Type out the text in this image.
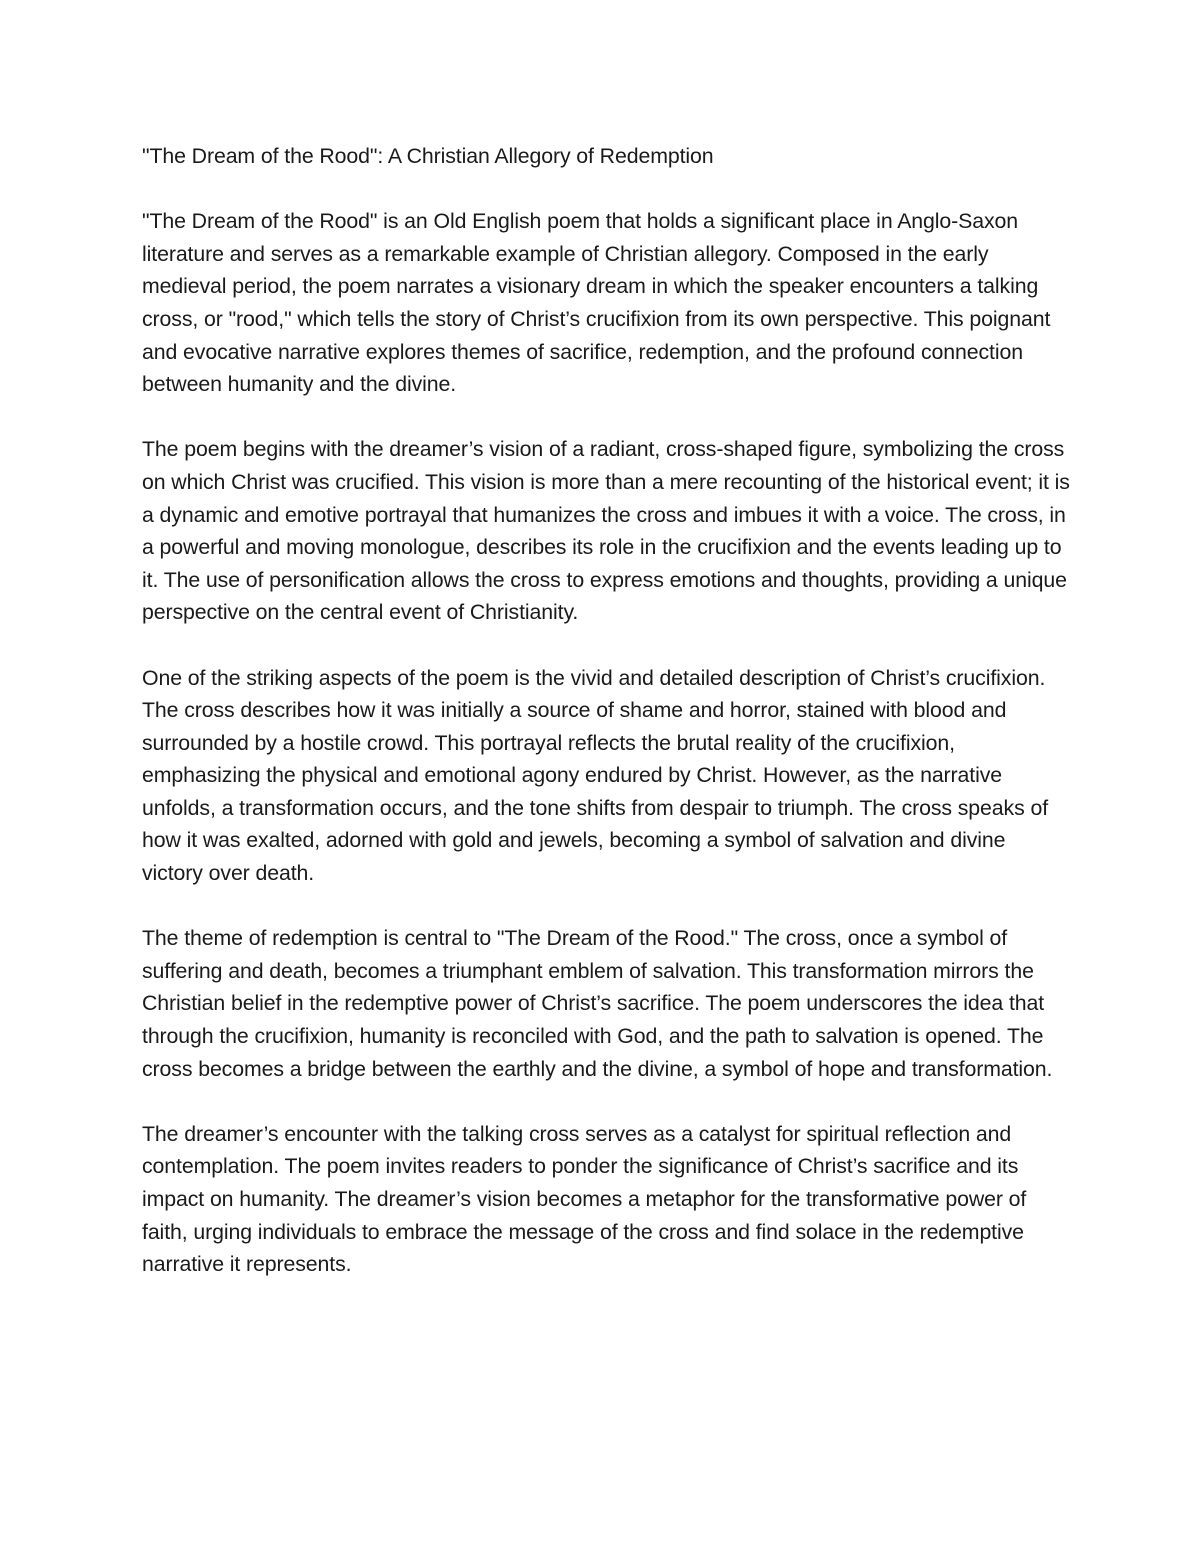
"The Dream of the Rood": A Christian Allegory of Redemption

"The Dream of the Rood" is an Old English poem that holds a significant place in Anglo-Saxon literature and serves as a remarkable example of Christian allegory. Composed in the early medieval period, the poem narrates a visionary dream in which the speaker encounters a talking cross, or "rood," which tells the story of Christ’s crucifixion from its own perspective. This poignant and evocative narrative explores themes of sacrifice, redemption, and the profound connection between humanity and the divine.

The poem begins with the dreamer’s vision of a radiant, cross-shaped figure, symbolizing the cross on which Christ was crucified. This vision is more than a mere recounting of the historical event; it is a dynamic and emotive portrayal that humanizes the cross and imbues it with a voice. The cross, in a powerful and moving monologue, describes its role in the crucifixion and the events leading up to it. The use of personification allows the cross to express emotions and thoughts, providing a unique perspective on the central event of Christianity.

One of the striking aspects of the poem is the vivid and detailed description of Christ’s crucifixion. The cross describes how it was initially a source of shame and horror, stained with blood and surrounded by a hostile crowd. This portrayal reflects the brutal reality of the crucifixion, emphasizing the physical and emotional agony endured by Christ. However, as the narrative unfolds, a transformation occurs, and the tone shifts from despair to triumph. The cross speaks of how it was exalted, adorned with gold and jewels, becoming a symbol of salvation and divine victory over death.

The theme of redemption is central to "The Dream of the Rood." The cross, once a symbol of suffering and death, becomes a triumphant emblem of salvation. This transformation mirrors the Christian belief in the redemptive power of Christ’s sacrifice. The poem underscores the idea that through the crucifixion, humanity is reconciled with God, and the path to salvation is opened. The cross becomes a bridge between the earthly and the divine, a symbol of hope and transformation.

The dreamer’s encounter with the talking cross serves as a catalyst for spiritual reflection and contemplation. The poem invites readers to ponder the significance of Christ’s sacrifice and its impact on humanity. The dreamer’s vision becomes a metaphor for the transformative power of faith, urging individuals to embrace the message of the cross and find solace in the redemptive narrative it represents.
